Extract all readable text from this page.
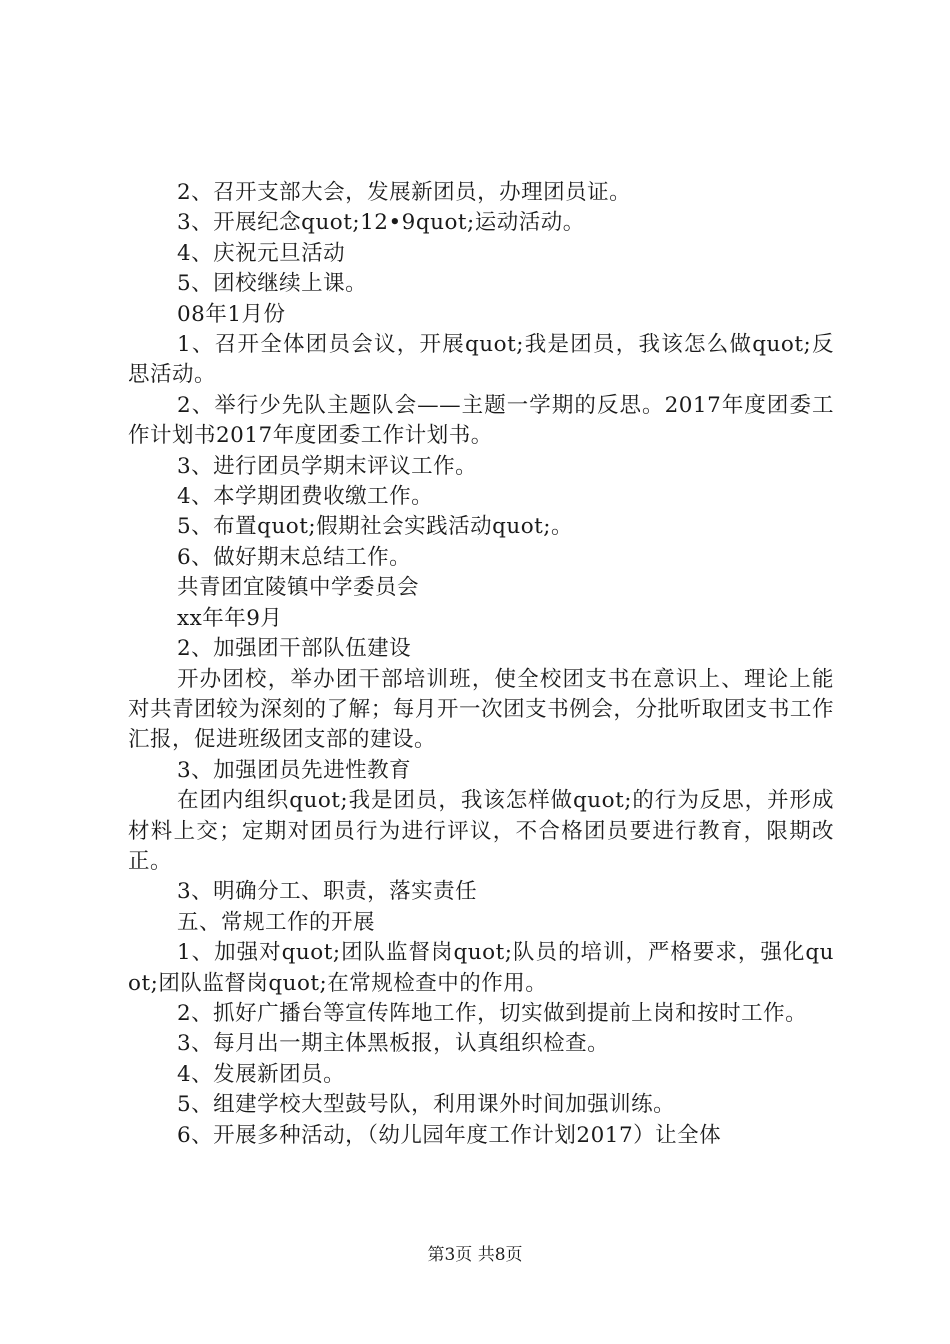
2、召开支部大会，发展新团员，办理团员证。

3、开展纪念quot;12•9quot;运动活动。

4、庆祝元旦活动

5、团校继续上课。

08年1月份

1、召开全体团员会议，开展quot;我是团员，我该怎么做quot;反思活动。

2、举行少先队主题队会——主题一学期的反思。2017年度团委工作计划书2017年度团委工作计划书。

3、进行团员学期末评议工作。

4、本学期团费收缴工作。

5、布置quot;假期社会实践活动quot;。

6、做好期末总结工作。

共青团宜陵镇中学委员会

xx年年9月

2、加强团干部队伍建设

开办团校，举办团干部培训班，使全校团支书在意识上、理论上能对共青团较为深刻的了解；每月开一次团支书例会，分批听取团支书工作汇报，促进班级团支部的建设。

3、加强团员先进性教育

在团内组织quot;我是团员，我该怎样做quot;的行为反思，并形成材料上交；定期对团员行为进行评议，不合格团员要进行教育，限期改正。

3、明确分工、职责，落实责任

五、常规工作的开展

1、加强对quot;团队监督岗quot;队员的培训，严格要求，强化quot;团队监督岗quot;在常规检查中的作用。

2、抓好广播台等宣传阵地工作，切实做到提前上岗和按时工作。

3、每月出一期主体黑板报，认真组织检查。

4、发展新团员。

5、组建学校大型鼓号队，利用课外时间加强训练。

6、开展多种活动，（幼儿园年度工作计划2017）让全体

第3页 共8页
